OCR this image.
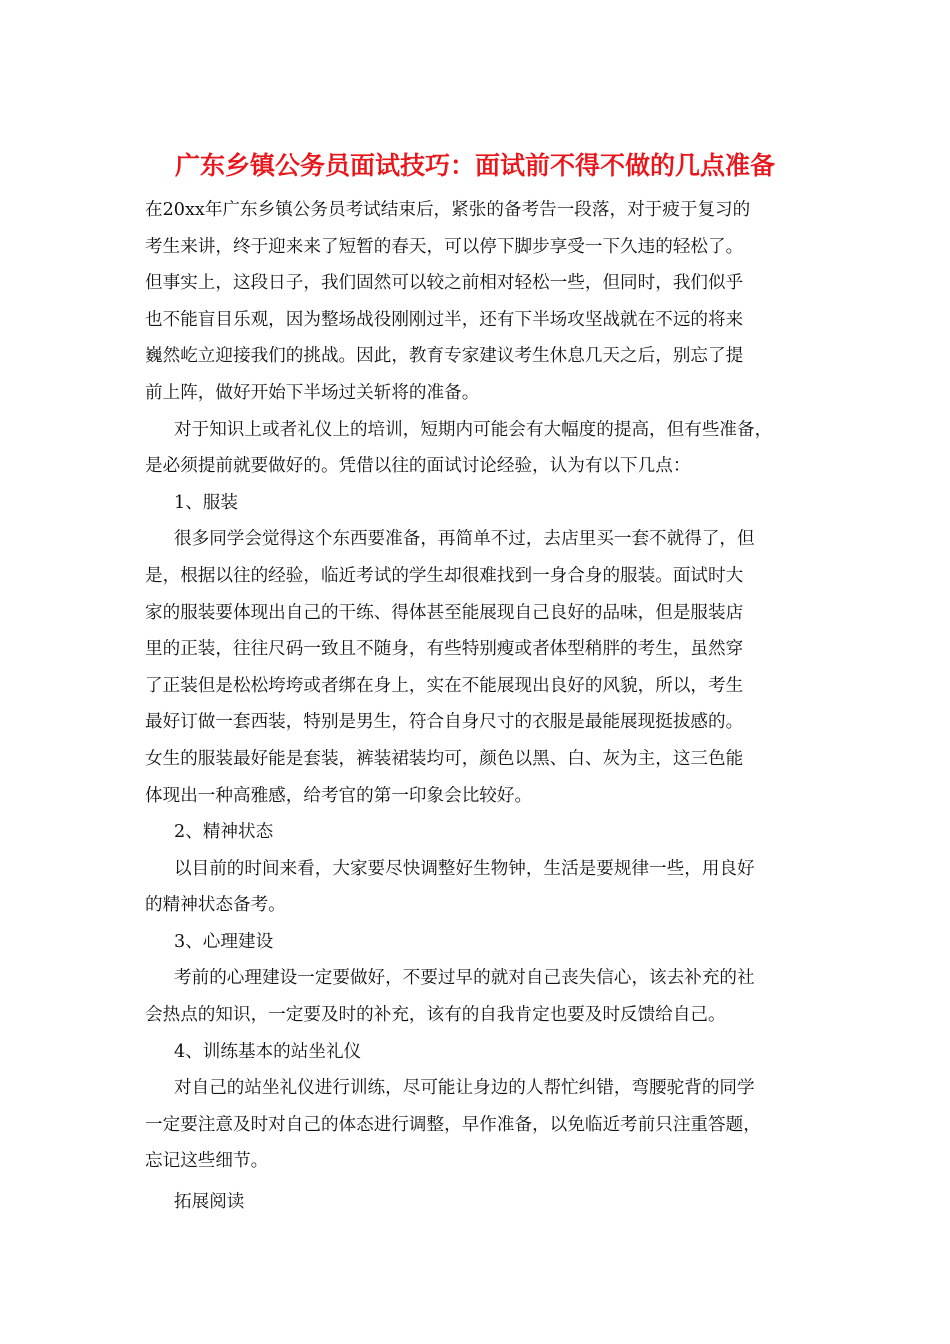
广东乡镇公务员面试技巧：面试前不得不做的几点准备

在20xx年广东乡镇公务员考试结束后，紧张的备考告一段落，对于疲于复习的
考生来讲，终于迎来来了短暂的春天，可以停下脚步享受一下久违的轻松了。
但事实上，这段日子，我们固然可以较之前相对轻松一些，但同时，我们似乎
也不能盲目乐观，因为整场战役刚刚过半，还有下半场攻坚战就在不远的将来
巍然屹立迎接我们的挑战。因此，教育专家建议考生休息几天之后，别忘了提
前上阵，做好开始下半场过关斩将的准备。

对于知识上或者礼仪上的培训，短期内可能会有大幅度的提高，但有些准备，
是必须提前就要做好的。凭借以往的面试讨论经验，认为有以下几点：

1、服装

很多同学会觉得这个东西要准备，再简单不过，去店里买一套不就得了，但
是，根据以往的经验，临近考试的学生却很难找到一身合身的服装。面试时大
家的服装要体现出自己的干练、得体甚至能展现自己良好的品味，但是服装店
里的正装，往往尺码一致且不随身，有些特别瘦或者体型稍胖的考生，虽然穿
了正装但是松松垮垮或者绑在身上，实在不能展现出良好的风貌，所以，考生
最好订做一套西装，特别是男生，符合自身尺寸的衣服是最能展现挺拔感的。
女生的服装最好能是套装，裤装裙装均可，颜色以黑、白、灰为主，这三色能
体现出一种高雅感，给考官的第一印象会比较好。

2、精神状态

以目前的时间来看，大家要尽快调整好生物钟，生活是要规律一些，用良好
的精神状态备考。

3、心理建设

考前的心理建设一定要做好，不要过早的就对自己丧失信心，该去补充的社
会热点的知识，一定要及时的补充，该有的自我肯定也要及时反馈给自己。

4、训练基本的站坐礼仪

对自己的站坐礼仪进行训练，尽可能让身边的人帮忙纠错，弯腰驼背的同学
一定要注意及时对自己的体态进行调整，早作准备，以免临近考前只注重答题，
忘记这些细节。

拓展阅读
